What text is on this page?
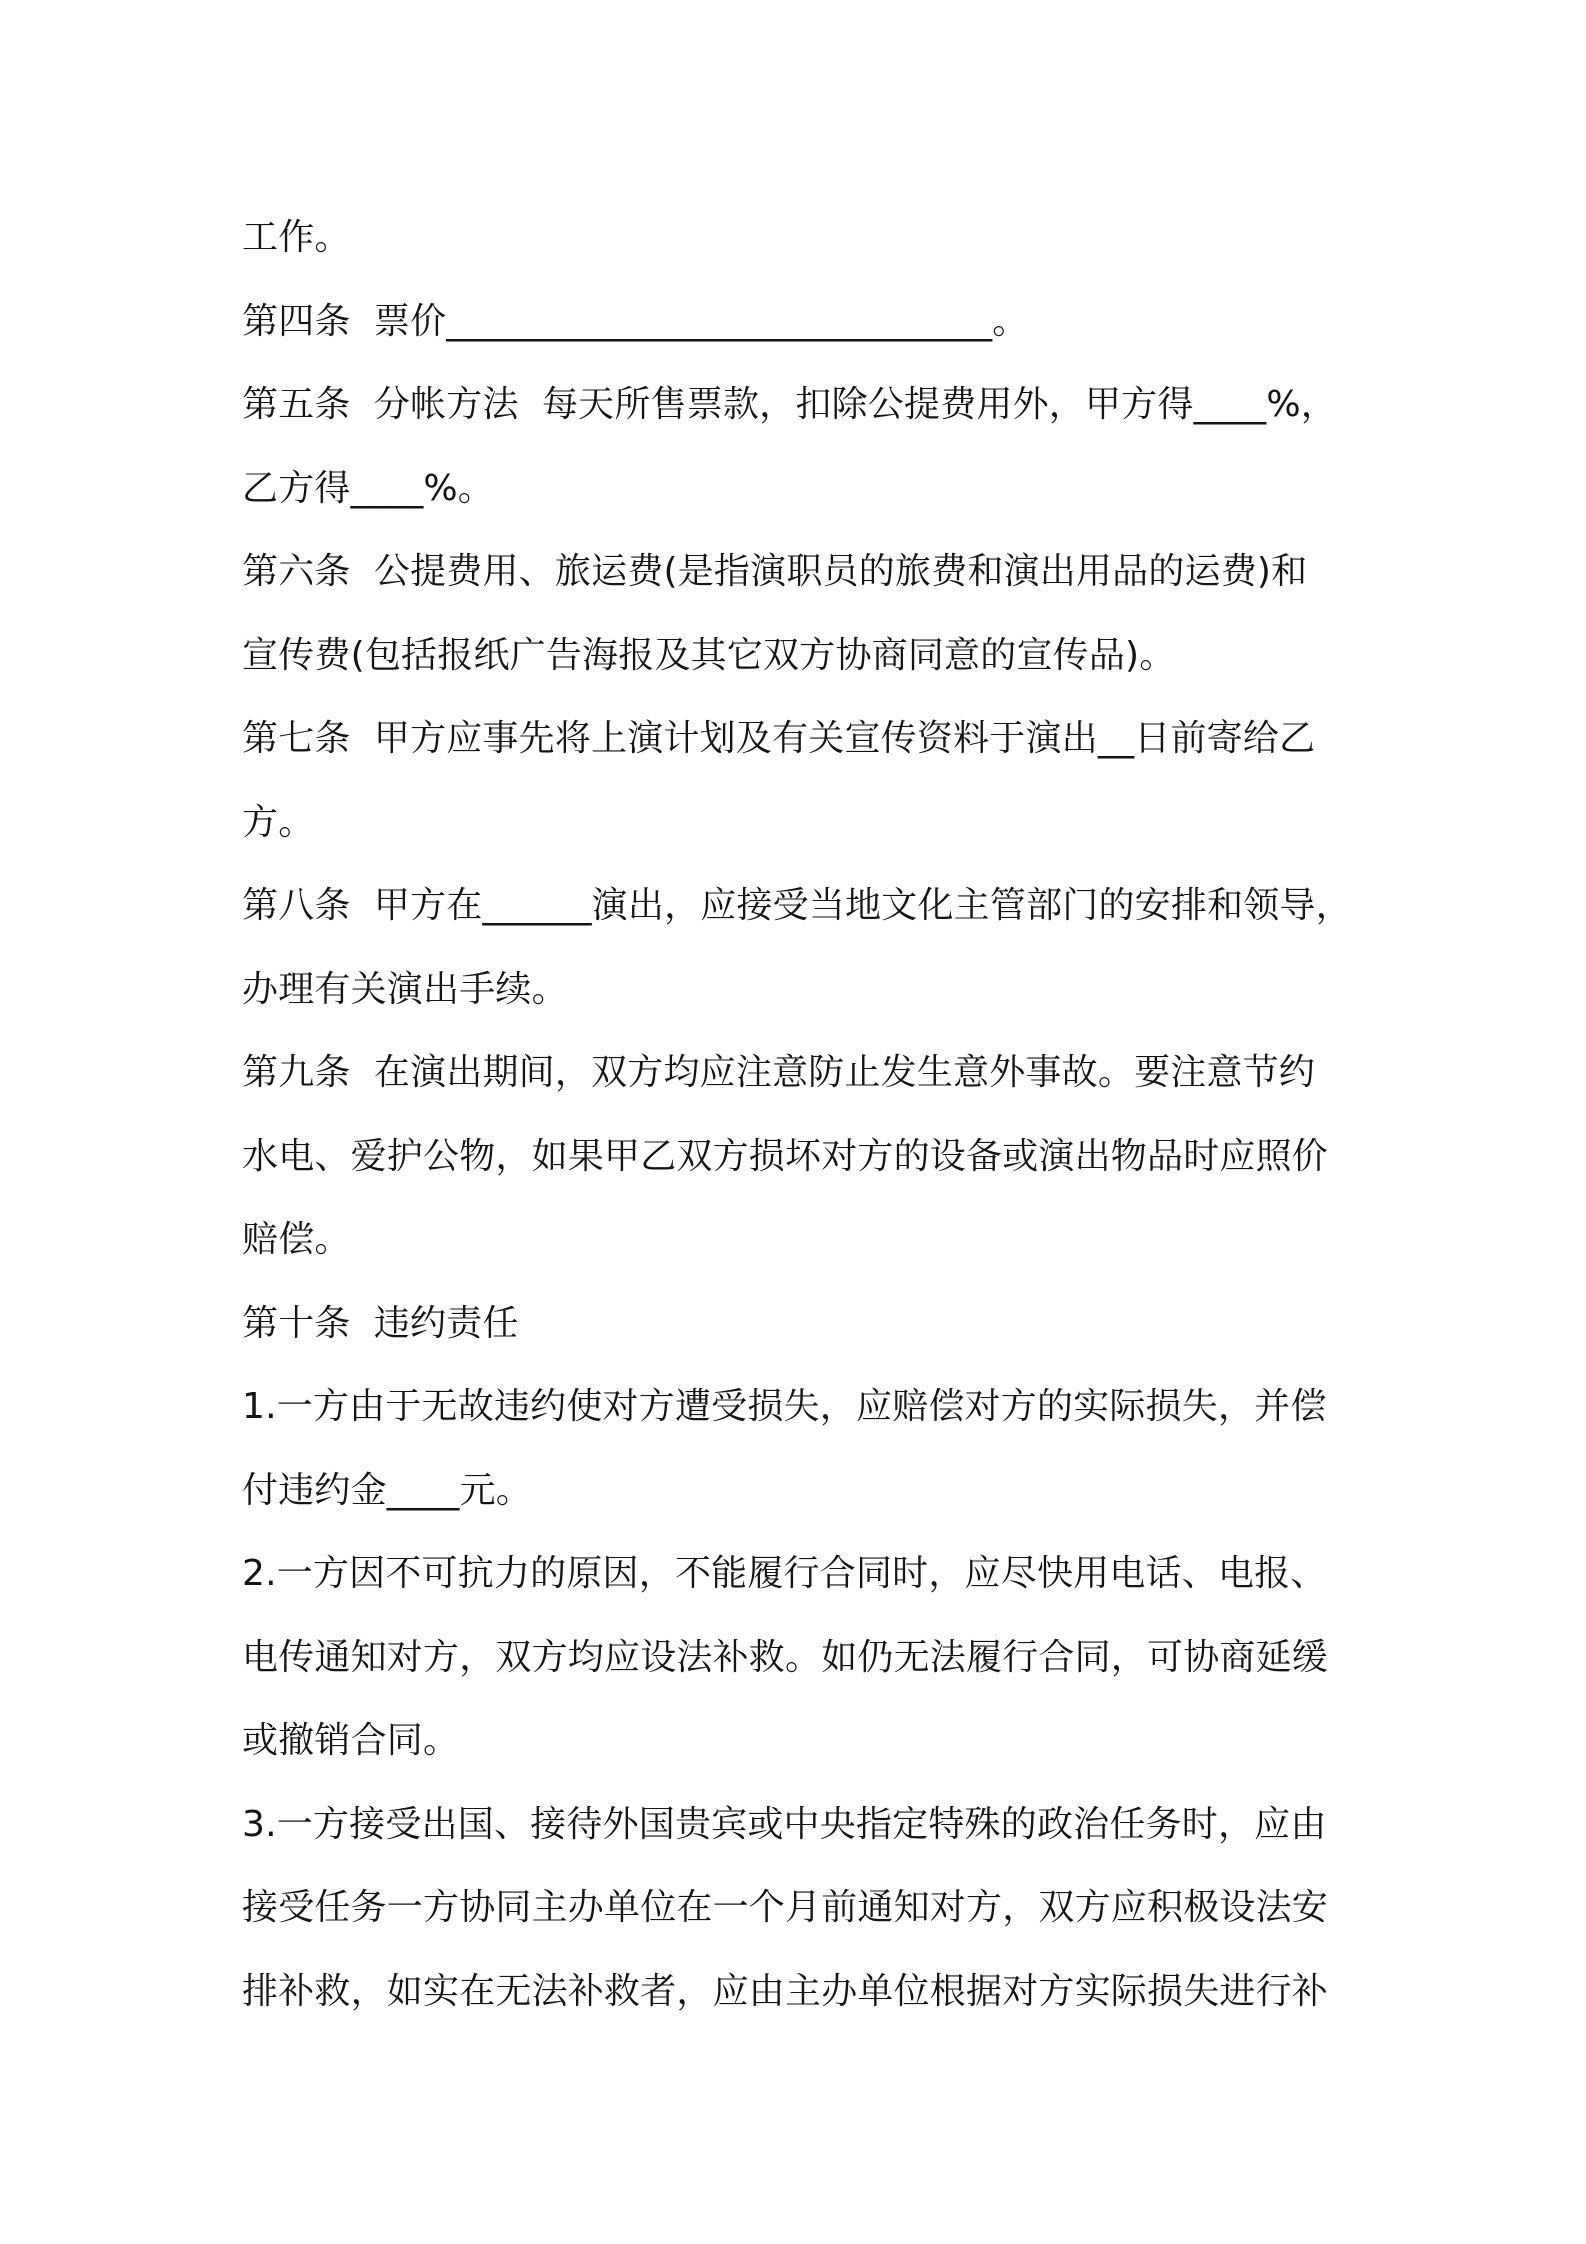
工作。
第四条  票价______________________________。
第五条  分帐方法  每天所售票款，扣除公提费用外，甲方得____%，
乙方得____%。
第六条  公提费用、旅运费(是指演职员的旅费和演出用品的运费)和
宣传费(包括报纸广告海报及其它双方协商同意的宣传品)。
第七条  甲方应事先将上演计划及有关宣传资料于演出__日前寄给乙
方。
第八条  甲方在______演出，应接受当地文化主管部门的安排和领导，
办理有关演出手续。
第九条  在演出期间，双方均应注意防止发生意外事故。要注意节约
水电、爱护公物，如果甲乙双方损坏对方的设备或演出物品时应照价
赔偿。
第十条  违约责任
1.一方由于无故违约使对方遭受损失，应赔偿对方的实际损失，并偿
付违约金____元。
2.一方因不可抗力的原因，不能履行合同时，应尽快用电话、电报、
电传通知对方，双方均应设法补救。如仍无法履行合同，可协商延缓
或撤销合同。
3.一方接受出国、接待外国贵宾或中央指定特殊的政治任务时，应由
接受任务一方协同主办单位在一个月前通知对方，双方应积极设法安
排补救，如实在无法补救者，应由主办单位根据对方实际损失进行补
